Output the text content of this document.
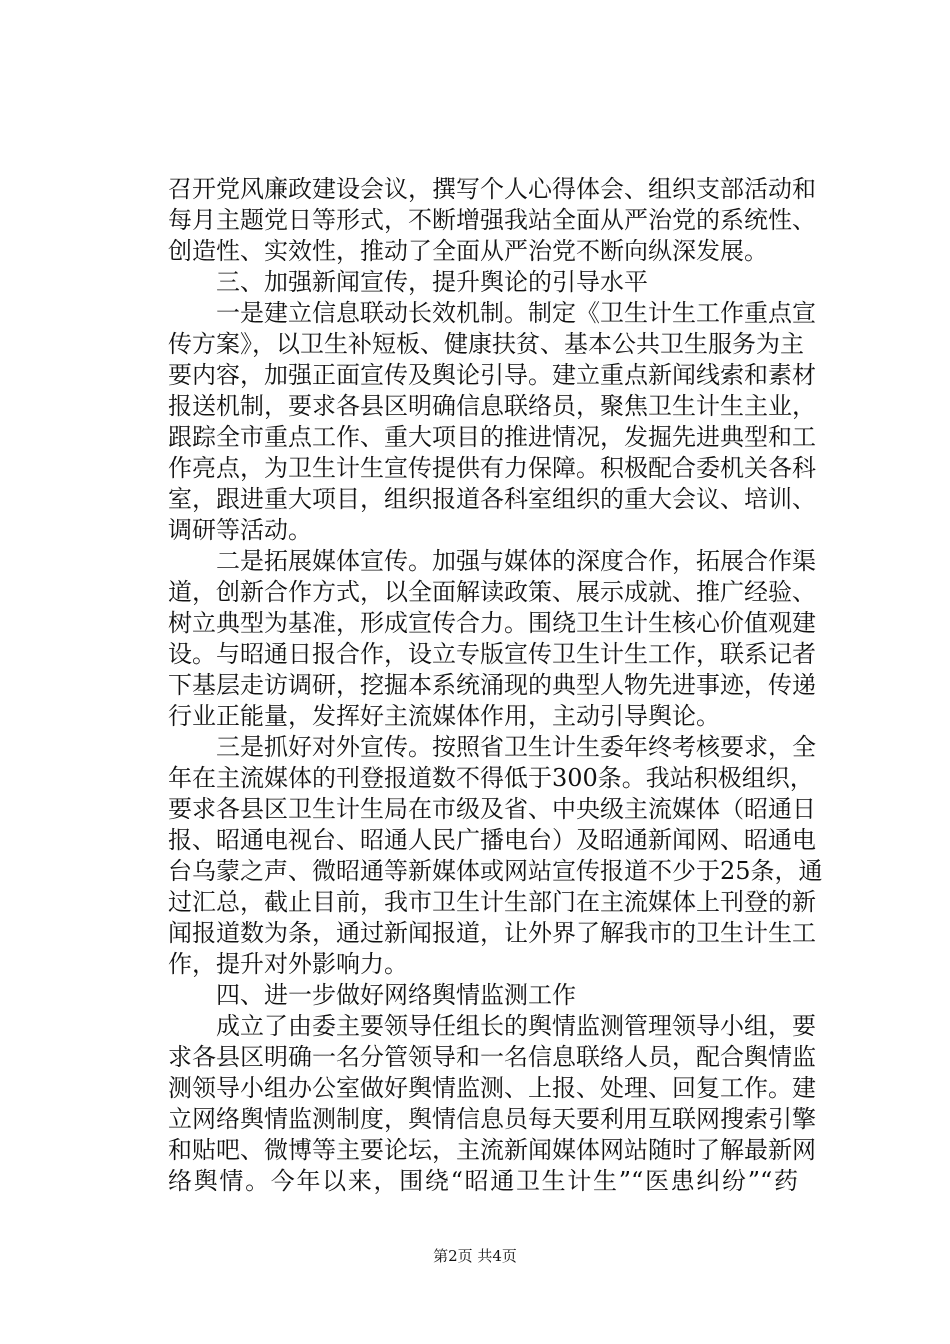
召开党风廉政建设会议，撰写个人心得体会、组织支部活动和
每月主题党日等形式，不断增强我站全面从严治党的系统性、
创造性、实效性，推动了全面从严治党不断向纵深发展。
三、加强新闻宣传，提升舆论的引导水平
一是建立信息联动长效机制。制定《卫生计生工作重点宣
传方案》，以卫生补短板、健康扶贫、基本公共卫生服务为主
要内容，加强正面宣传及舆论引导。建立重点新闻线索和素材
报送机制，要求各县区明确信息联络员，聚焦卫生计生主业，
跟踪全市重点工作、重大项目的推进情况，发掘先进典型和工
作亮点，为卫生计生宣传提供有力保障。积极配合委机关各科
室，跟进重大项目，组织报道各科室组织的重大会议、培训、
调研等活动。
二是拓展媒体宣传。加强与媒体的深度合作，拓展合作渠
道，创新合作方式，以全面解读政策、展示成就、推广经验、
树立典型为基准，形成宣传合力。围绕卫生计生核心价值观建
设。与昭通日报合作，设立专版宣传卫生计生工作，联系记者
下基层走访调研，挖掘本系统涌现的典型人物先进事迹，传递
行业正能量，发挥好主流媒体作用，主动引导舆论。
三是抓好对外宣传。按照省卫生计生委年终考核要求，全
年在主流媒体的刊登报道数不得低于300条。我站积极组织，
要求各县区卫生计生局在市级及省、中央级主流媒体（昭通日
报、昭通电视台、昭通人民广播电台）及昭通新闻网、昭通电
台乌蒙之声、微昭通等新媒体或网站宣传报道不少于25条，通
过汇总，截止目前，我市卫生计生部门在主流媒体上刊登的新
闻报道数为条，通过新闻报道，让外界了解我市的卫生计生工
作，提升对外影响力。
四、进一步做好网络舆情监测工作
成立了由委主要领导任组长的舆情监测管理领导小组，要
求各县区明确一名分管领导和一名信息联络人员，配合舆情监
测领导小组办公室做好舆情监测、上报、处理、回复工作。建
立网络舆情监测制度，舆情信息员每天要利用互联网搜索引擎
和贴吧、微博等主要论坛，主流新闻媒体网站随时了解最新网
络舆情。今年以来，围绕“昭通卫生计生”“医患纠纷”“药
第2页 共4页
